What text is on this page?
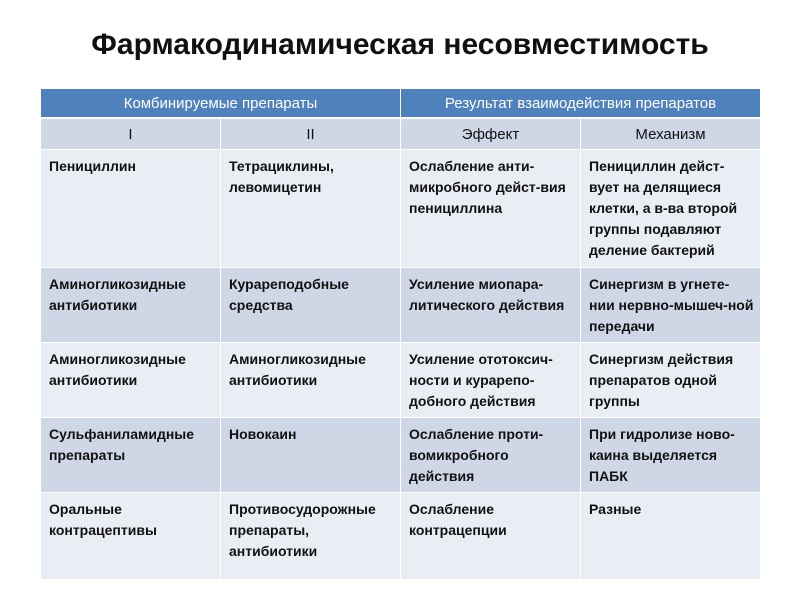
Фармакодинамическая несовместимость
Комбинируемые препараты		Результат взаимодействия препаратов	
I	II	Эффект	Механизм
Пенициллин	Тетрациклины, левомицетин	Ослабление анти-микробного дейст-вия пенициллина	Пенициллин дейст-вует на делящиеся клетки, а в-ва второй группы подавляют деление бактерий
Аминогликозидные антибиотики	Курареподобные средства	Усиление миопара-литического действия	Синергизм в угнете-нии нервно-мышеч-ной передачи
Аминогликозидные антибиотики	Аминогликозидные антибиотики	Усиление ототоксич-ности и курарепо-добного действия	Синергизм действия препаратов одной группы
Сульфаниламидные препараты	Новокаин	Ослабление проти-вомикробного действия	При гидролизе ново-каина выделяется ПАБК
Оральные контрацептивы	Противосудорожные препараты, антибиотики	Ослабление контрацепции	Разные
